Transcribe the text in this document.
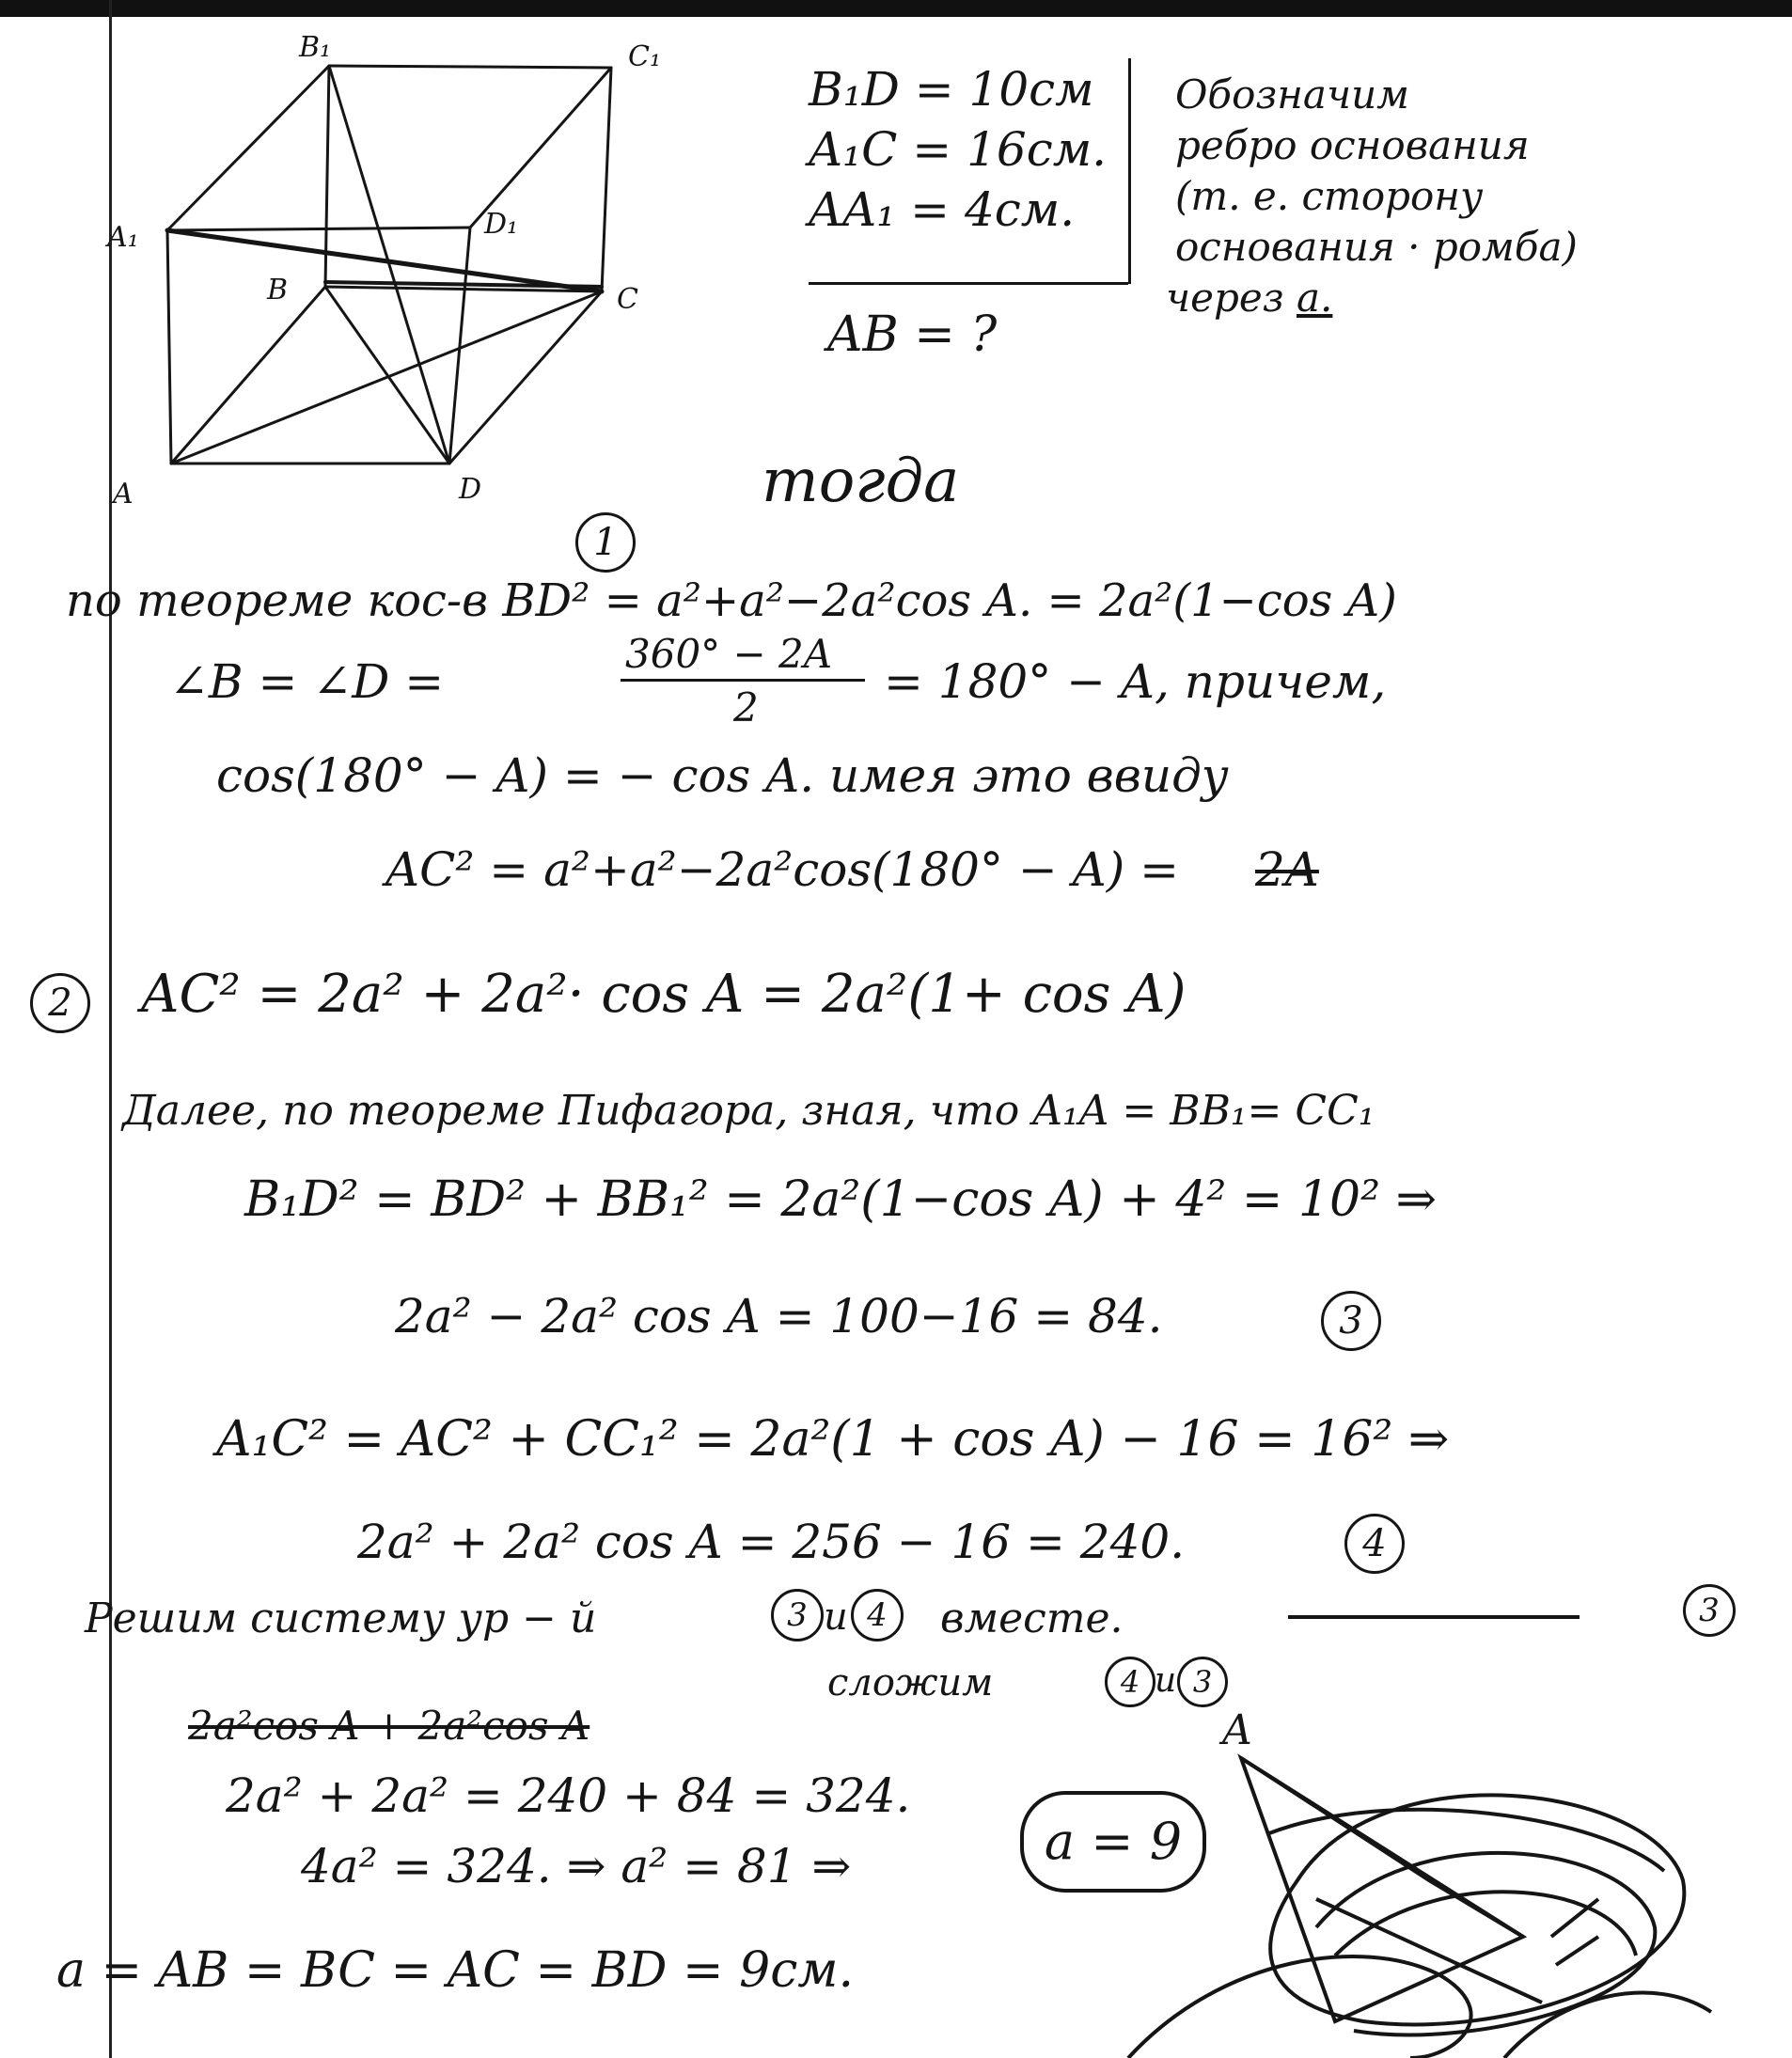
B₁	C₁
A₁	D₁
B	C
A	D
A
B₁D = 10см
A₁C = 16см.
AA₁ = 4см.
AB = ?
Обозначим
ребро основания
(т. е. сторону
основания · ромба)
через a.
тогда
1
по теореме кос-в BD² = a²+a²−2a²cos A. = 2a²(1−cos A)
∠B = ∠D =
360° − 2A
2	= 180° − A, причем,
cos(180° − A) = − cos A. имея это ввиду
AC² = a²+a²−2a²cos(180° − A) = 2A
2	AC² = 2a² + 2a²· cos A = 2a²(1+ cos A)
Далее, по теореме Пифагора, зная, что A₁A = BB₁= CC₁
B₁D² = BD² + BB₁² = 2a²(1−cos A) + 4² = 10² ⇒
2a² − 2a² cos A = 100−16 = 84.	3
A₁C² = AC² + CC₁² = 2a²(1 + cos A) − 16 = 16² ⇒
2a² + 2a² cos A = 256 − 16 = 240.	4
Решим систему ур − й	3 и 4	вместе.	3
сложим	4 и 3
2a²cos A + 2a²cos A
2a² + 2a² = 240 + 84 = 324.
4a² = 324. ⇒ a² = 81 ⇒	a = 9
a = AB = BC = AC = BD = 9см.
